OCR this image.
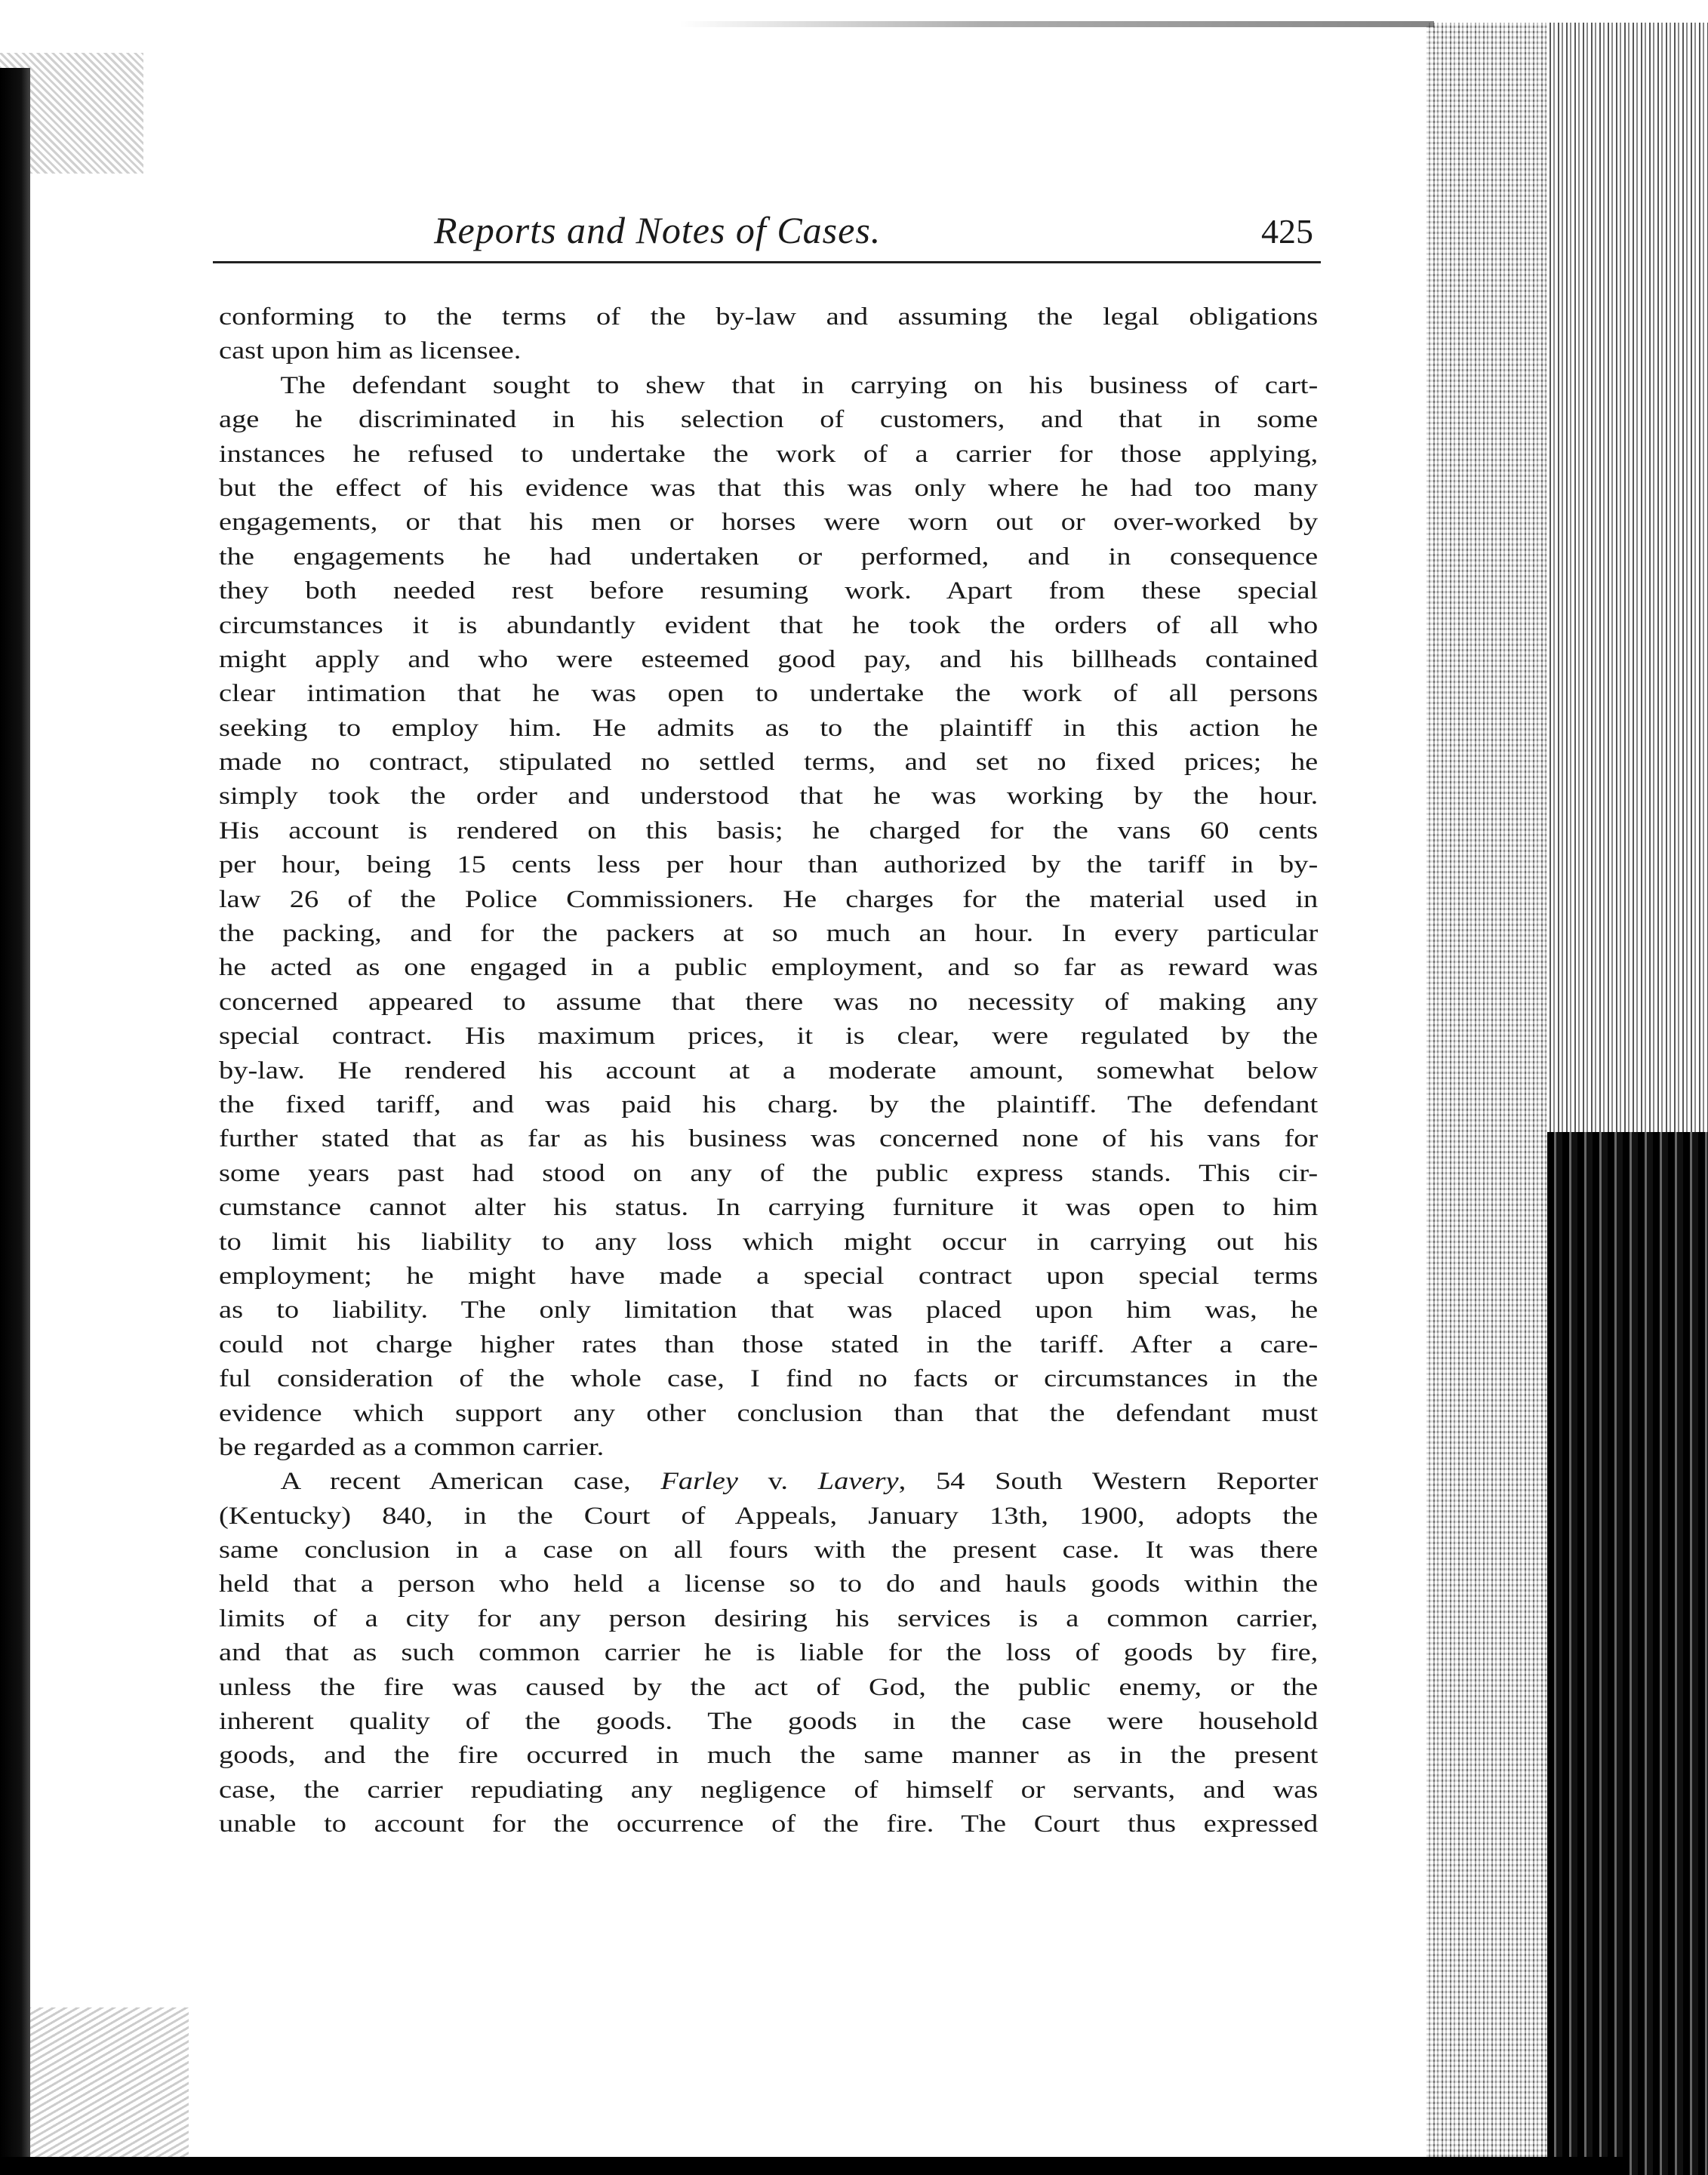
Reports and Notes of Cases.	425
conforming to the terms of the by-law and assuming the legal obligations
cast upon him as licensee.
The defendant sought to shew that in carrying on his business of cart-
age he discriminated in his selection of customers, and that in some
instances he refused to undertake the work of a carrier for those applying,
but the effect of his evidence was that this was only where he had too many
engagements, or that his men or horses were worn out or over-worked by
the engagements he had undertaken or performed, and in consequence
they both needed rest before resuming work. Apart from these special
circumstances it is abundantly evident that he took the orders of all who
might apply and who were esteemed good pay, and his billheads contained
clear intimation that he was open to undertake the work of all persons
seeking to employ him. He admits as to the plaintiff in this action he
made no contract, stipulated no settled terms, and set no fixed prices; he
simply took the order and understood that he was working by the hour.
His account is rendered on this basis; he charged for the vans 60 cents
per hour, being 15 cents less per hour than authorized by the tariff in by-
law 26 of the Police Commissioners. He charges for the material used in
the packing, and for the packers at so much an hour. In every particular
he acted as one engaged in a public employment, and so far as reward was
concerned appeared to assume that there was no necessity of making any
special contract. His maximum prices, it is clear, were regulated by the
by-law. He rendered his account at a moderate amount, somewhat below
the fixed tariff, and was paid his charg. by the plaintiff. The defendant
further stated that as far as his business was concerned none of his vans for
some years past had stood on any of the public express stands. This cir-
cumstance cannot alter his status. In carrying furniture it was open to him
to limit his liability to any loss which might occur in carrying out his
employment; he might have made a special contract upon special terms
as to liability. The only limitation that was placed upon him was, he
could not charge higher rates than those stated in the tariff. After a care-
ful consideration of the whole case, I find no facts or circumstances in the
evidence which support any other conclusion than that the defendant must
be regarded as a common carrier.
A recent American case, Farley v. Lavery, 54 South Western Reporter
(Kentucky) 840, in the Court of Appeals, January 13th, 1900, adopts the
same conclusion in a case on all fours with the present case. It was there
held that a person who held a license so to do and hauls goods within the
limits of a city for any person desiring his services is a common carrier,
and that as such common carrier he is liable for the loss of goods by fire,
unless the fire was caused by the act of God, the public enemy, or the
inherent quality of the goods. The goods in the case were household
goods, and the fire occurred in much the same manner as in the present
case, the carrier repudiating any negligence of himself or servants, and was
unable to account for the occurrence of the fire. The Court thus expressed
